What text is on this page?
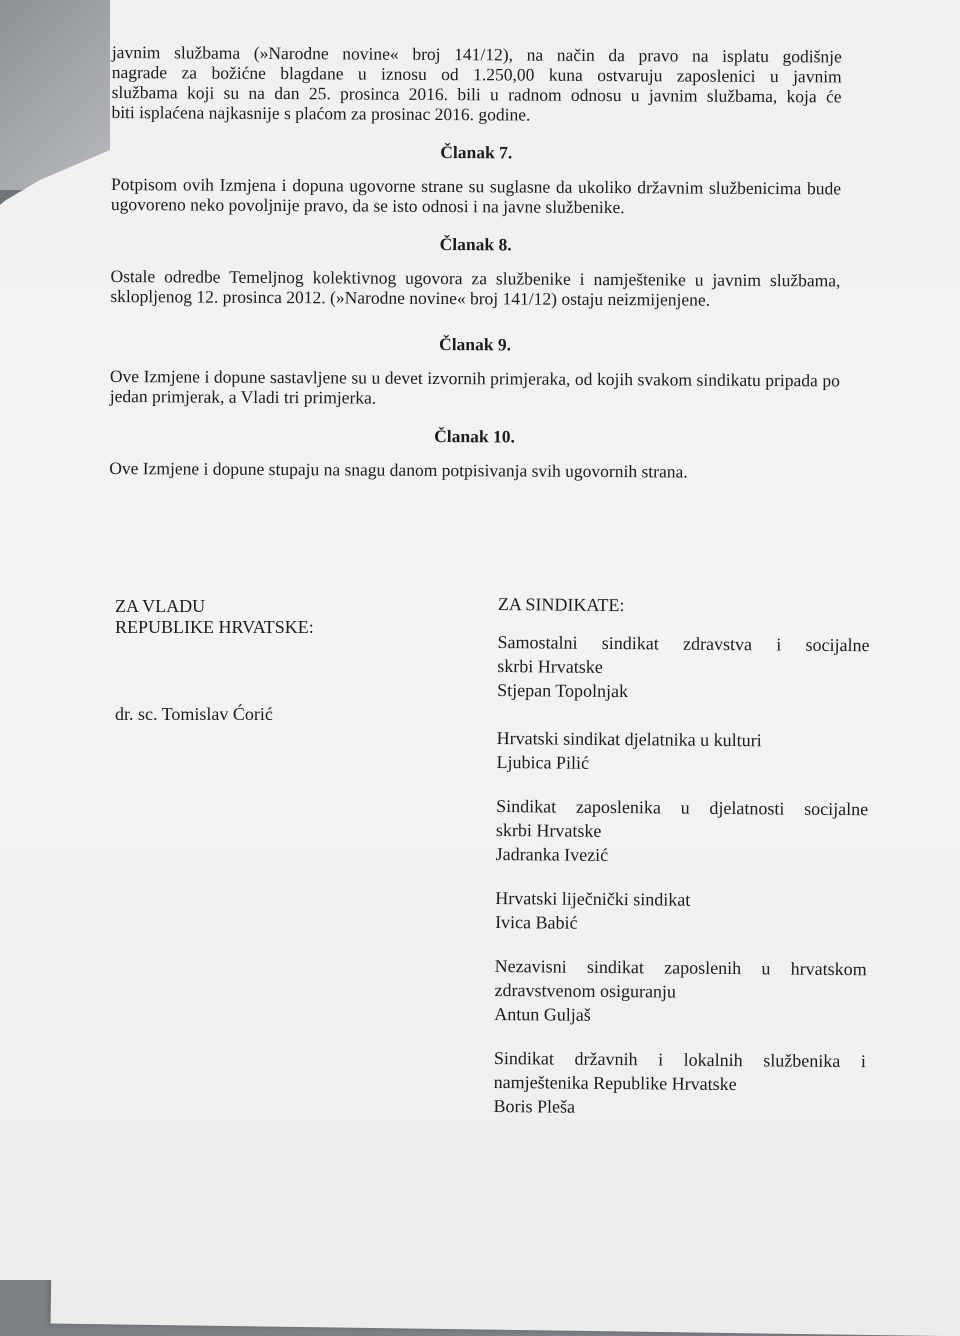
javnim službama (»Narodne novine« broj 141/12), na način da pravo na isplatu godišnje
nagrade za božićne blagdane u iznosu od 1.250,00 kuna ostvaruju zaposlenici u javnim
službama koji su na dan 25. prosinca 2016. bili u radnom odnosu u javnim službama, koja će
biti isplaćena najkasnije s plaćom za prosinac 2016. godine.
Članak 7.

Potpisom ovih Izmjena i dopuna ugovorne strane su suglasne da ukoliko državnim službenicima bude ugovoreno neko povoljnije pravo, da se isto odnosi i na javne službenike.

Članak 8.

Ostale odredbe Temeljnog kolektivnog ugovora za službenike i namještenike u javnim službama, sklopljenog 12. prosinca 2012. (»Narodne novine« broj 141/12) ostaju neizmijenjene.

Članak 9.

Ove Izmjene i dopune sastavljene su u devet izvornih primjeraka, od kojih svakom sindikatu pripada po jedan primjerak, a Vladi tri primjerka.

Članak 10.

Ove Izmjene i dopune stupaju na snagu danom potpisivanja svih ugovornih strana.

ZA VLADU
REPUBLIKE HRVATSKE:
dr. sc. Tomislav Ćorić
ZA SINDIKATE:

Samostalni sindikat zdravstva i socijalne

skrbi Hrvatske

Stjepan Topolnjak

Hrvatski sindikat djelatnika u kulturi

Ljubica Pilić

Sindikat zaposlenika u djelatnosti socijalne

skrbi Hrvatske

Jadranka Ivezić

Hrvatski liječnički sindikat

Ivica Babić

Nezavisni sindikat zaposlenih u hrvatskom

zdravstvenom osiguranju

Antun Guljaš

Sindikat državnih i lokalnih službenika i

namještenika Republike Hrvatske

Boris Pleša
